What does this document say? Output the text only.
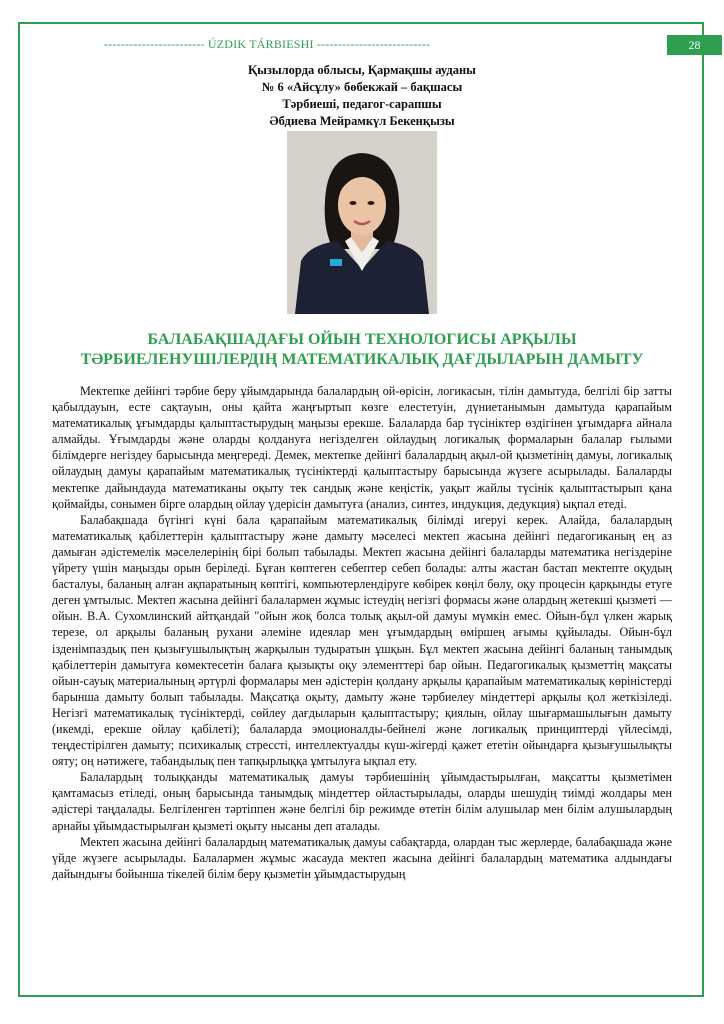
------------------------ ÚZDIK TÁRBIESHI ---------------------------	28
Қызылорда облысы, Қармақшы ауданы
№ 6 «Айсұлу» бөбекжай – бақшасы
Тәрбиеші, педагог-сарапшы
Әбдиева Мейрамкүл Бекенқызы
БАЛАБАҚШАДАҒЫ ОЙЫН ТЕХНОЛОГИСЫ АРҚЫЛЫ
ТӘРБИЕЛЕНУШІЛЕРДІҢ МАТЕМАТИКАЛЫҚ ДАҒДЫЛАРЫН ДАМЫТУ

Мектепке дейінгі тәрбие беру ұйымдарында балалардың ой-өрісін, логикасын, тілін дамытуда, белгілі бір затты қабылдауын, есте сақтауын, оны қайта жаңғыртып көзге елестетуін, дүниетанымын дамытуда қарапайым математикалық ұғымдарды қалыптастырудың маңызы ерекше. Балаларда бар түсініктер өздігінен ұғымдарға айнала алмайды. Ұғымдарды және оларды қолдануға негізделген ойлаудың логикалық формаларын балалар ғылыми білімдерге негіздеу барысында меңгереді. Демек, мектепке дейінгі балалардың ақыл-ой қызметінің дамуы, логикалық ойлаудың дамуы қарапайым математикалық түсініктерді қалыптастыру барысында жүзеге асырылады. Балаларды мектепке дайындауда математиканы оқыту тек сандық және кеңістік, уақыт жайлы түсінік қалыптастырып қана қоймайды, сонымен бірге олардың ойлау үдерісін дамытуға (анализ, синтез, индукция, дедукция) ықпал етеді.

Балабақшада бүгінгі күні бала қарапайым математикалық білімді игеруі керек. Алайда, балалардың математикалық қабілеттерін қалыптастыру және дамыту мәселесі мектеп жасына дейінгі педагогиканың ең аз дамыған әдістемелік мәселелерінің бірі болып табылады. Мектеп жасына дейінгі балаларды математика негіздеріне үйрету үшін маңызды орын беріледі. Бұған көптеген себептер себеп болады: алты жастан бастап мектепте оқудың басталуы, баланың алған ақпаратының көптігі, компьютерлендіруге көбірек көңіл бөлу, оқу процесін қарқынды етуге деген ұмтылыс. Мектеп жасына дейінгі балалармен жұмыс істеудің негізгі формасы және олардың жетекші қызметі — ойын. В.А. Сухомлинский айтқандай "ойын жоқ болса толық ақыл-ой дамуы мүмкін емес. Ойын-бұл үлкен жарық терезе, ол арқылы баланың рухани әлеміне идеялар мен ұғымдардың өміршең ағымы құйылады. Ойын-бұл ізденімпаздық пен қызығушылықтың жарқылын тудыратын ұшқын. Бұл мектеп жасына дейінгі баланың танымдық қабілеттерін дамытуға көмектесетін балаға қызықты оқу элементтері бар ойын. Педагогикалық қызметтің мақсаты ойын-сауық материалының әртүрлі формалары мен әдістерін қолдану арқылы қарапайым математикалық көріністерді барынша дамыту болып табылады. Мақсатқа оқыту, дамыту және тәрбиелеу міндеттері арқылы қол жеткізіледі. Негізгі математикалық түсініктерді, сөйлеу дағдыларын қалыптастыру; қиялын, ойлау шығармашылығын дамыту (икемді, ерекше ойлау қабілеті); балаларда эмоционалды-бейнелі және логикалық принциптерді үйлесімді, теңдестірілген дамыту; психикалық стрессті, интеллектуалды күш-жігерді қажет ететін ойындарға қызығушылықты ояту; оң нәтижеге, табандылық пен тапқырлыққа ұмтылуға ықпал ету.

Балалардың толыққанды математикалық дамуы тәрбиешінің ұйымдастырылған, мақсатты қызметімен қамтамасыз етіледі, оның барысында танымдық міндеттер ойластырылады, оларды шешудің тиімді жолдары мен әдістері таңдалады. Белгіленген тәртіппен және белгілі бір режимде өтетін білім алушылар мен білім алушылардың арнайы ұйымдастырылған қызметі оқыту нысаны деп аталады.

Мектеп жасына дейінгі балалардың математикалық дамуы сабақтарда, олардан тыс жерлерде, балабақшада және үйде жүзеге асырылады. Балалармен жұмыс жасауда мектеп жасына дейінгі балалардың математика алдындағы дайындығы бойынша тікелей білім беру қызметін ұйымдастырудың
